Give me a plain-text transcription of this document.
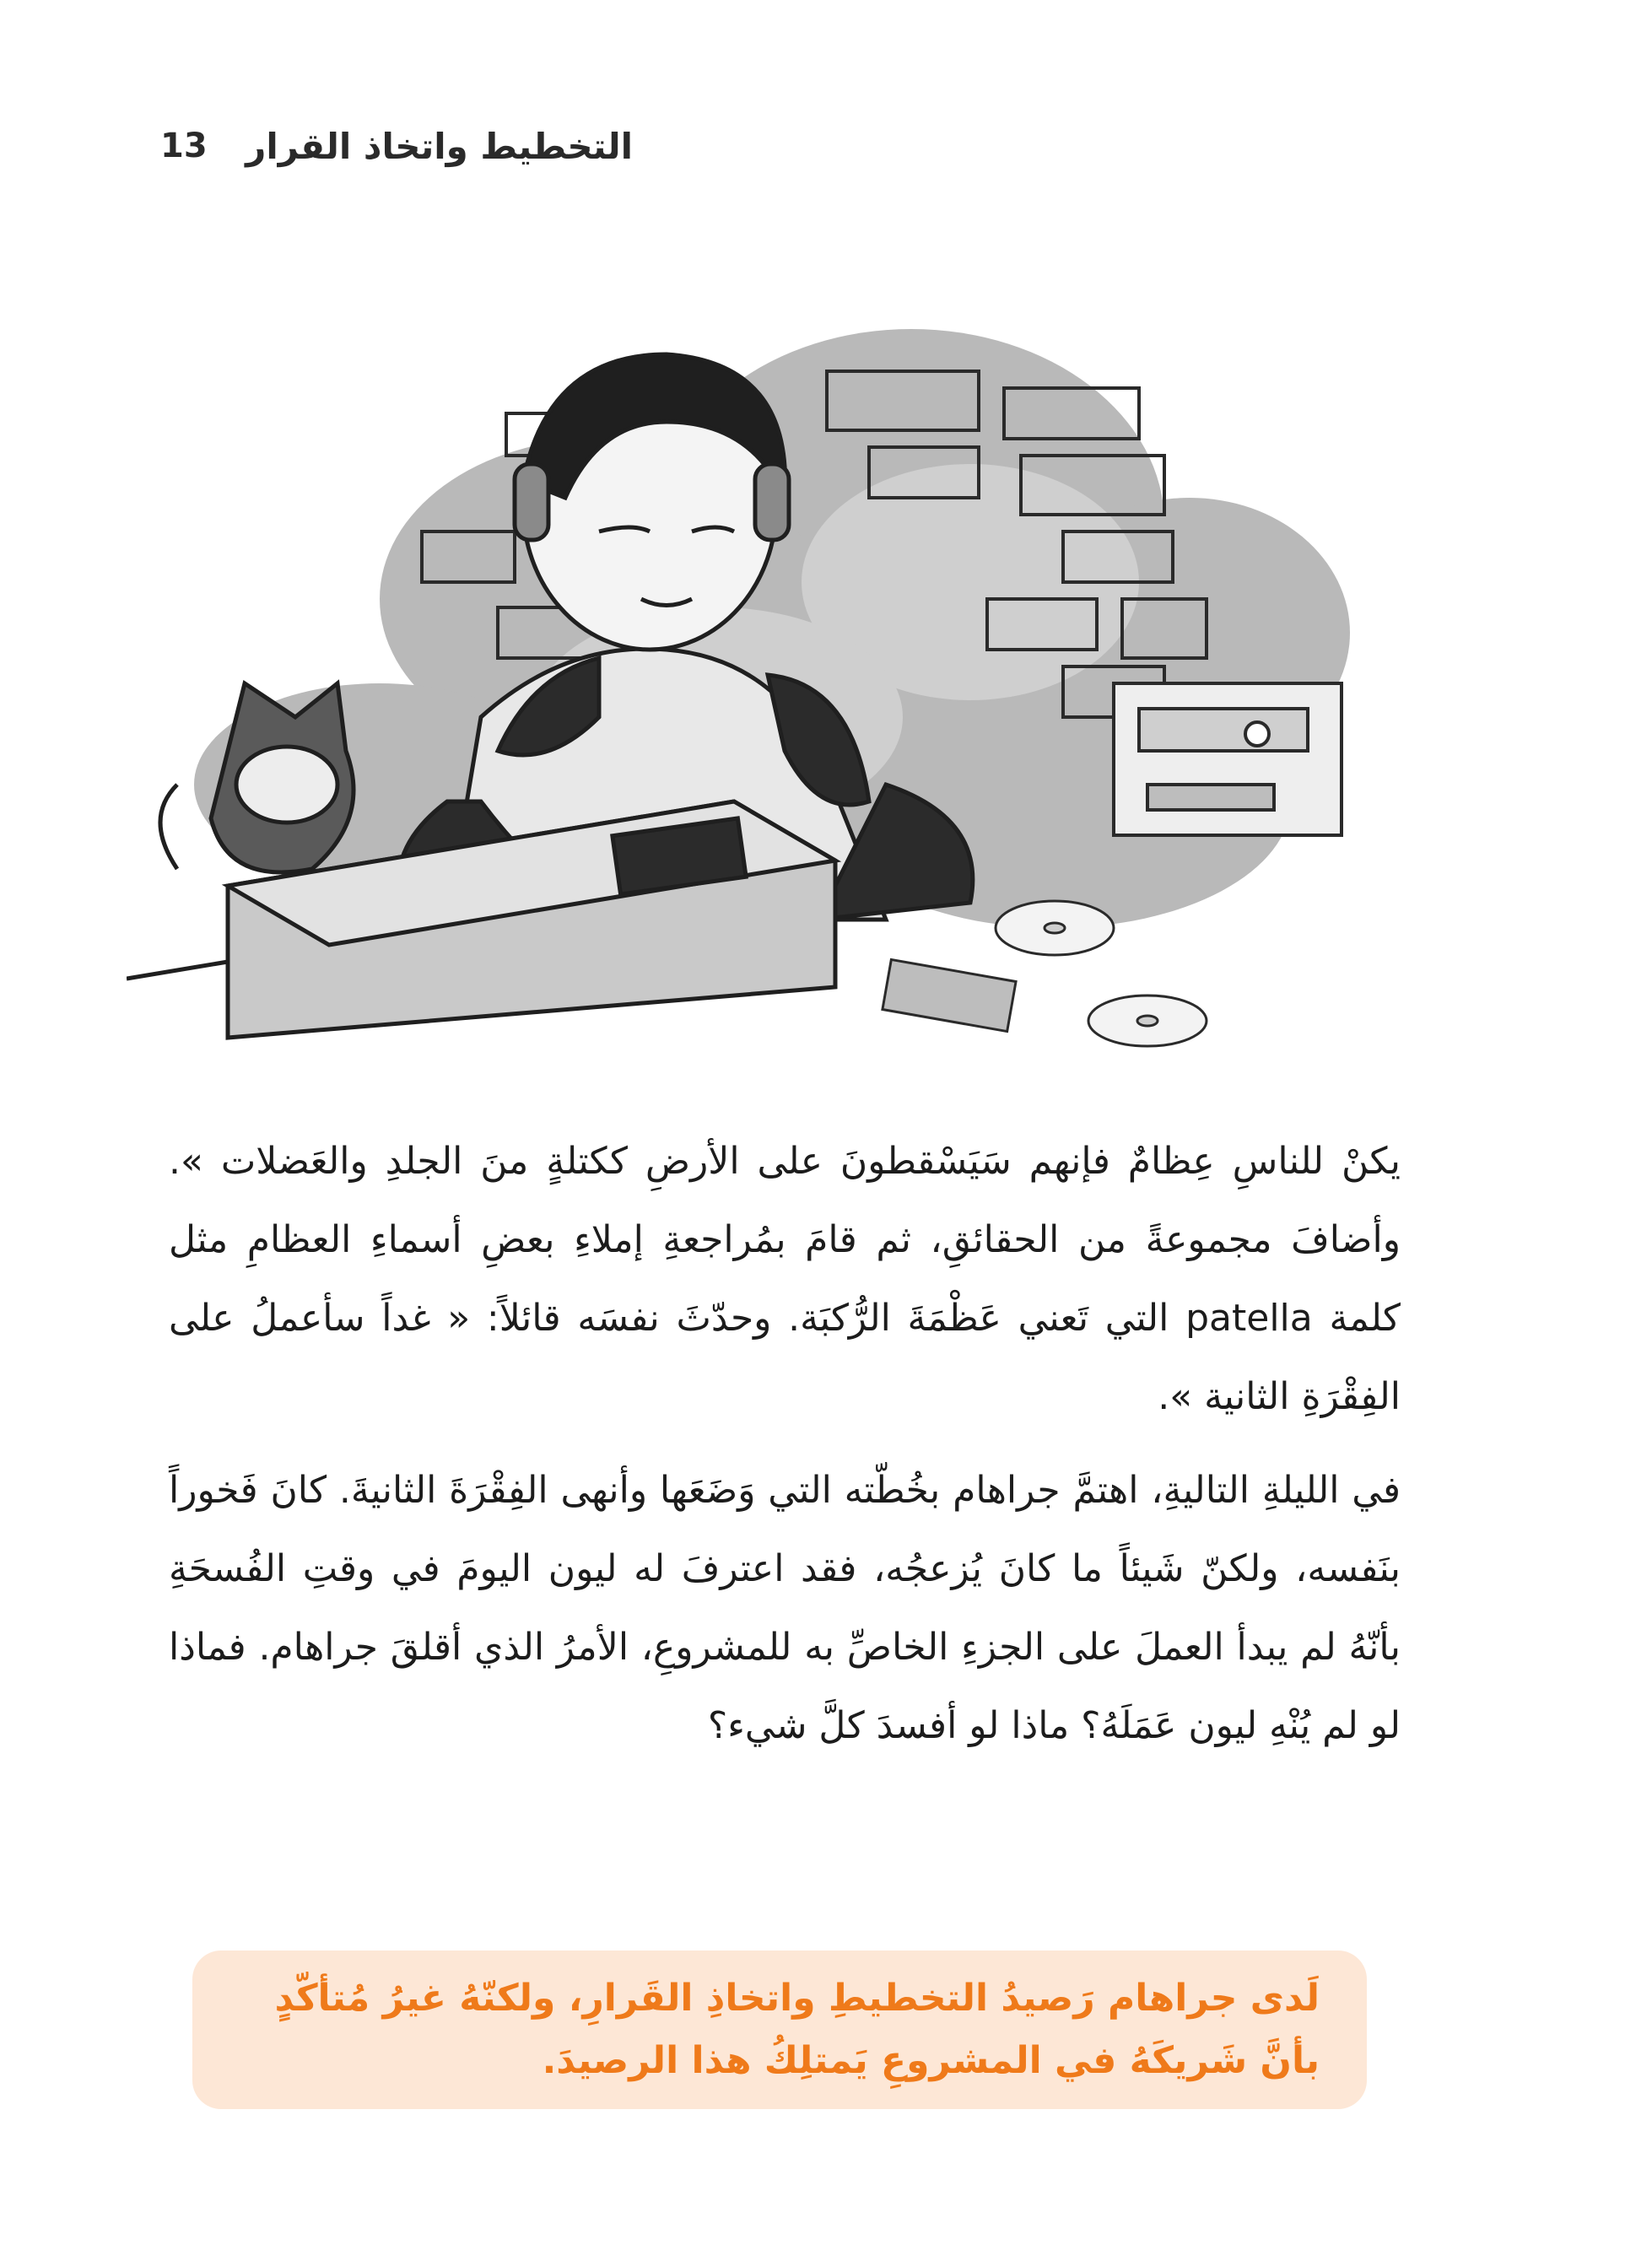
13 التخطيط واتخاذ القرار
يكنْ للناسِ عِظامٌ فإنهم سَيَسْقطونَ على الأرضِ ككتلةٍ منَ الجلدِ والعَضلات ». وأضافَ مجموعةً من الحقائقِ، ثم قامَ بمُراجعةِ إملاءِ بعضِ أسماءِ العظامِ مثل كلمة patella التي تَعني عَظْمَةَ الرُّكبَة. وحدّثَ نفسَه قائلاً: « غداً سأعملُ على الفِقْرَةِ الثانية ».
في الليلةِ التاليةِ، اهتمَّ جراهام بخُطّته التي وَضَعَها وأنهى الفِقْرَةَ الثانيةَ. كانَ فَخوراً بنَفسه، ولكنّ شَيئاً ما كانَ يُزعجُه، فقد اعترفَ له ليون اليومَ في وقتِ الفُسحَةِ بأنّهُ لم يبدأ العملَ على الجزءِ الخاصِّ به للمشروعِ، الأمرُ الذي أقلقَ جراهام. فماذا لو لم يُنْهِ ليون عَمَلَهُ؟ ماذا لو أفسدَ كلَّ شيء؟
لَدى جراهام رَصيدُ التخطيطِ واتخاذِ القَرارِ، ولكنّهُ غيرُ مُتأكّدٍ بأنَّ شَريكَهُ في المشروعِ يَمتلِكُ هذا الرصيدَ.
